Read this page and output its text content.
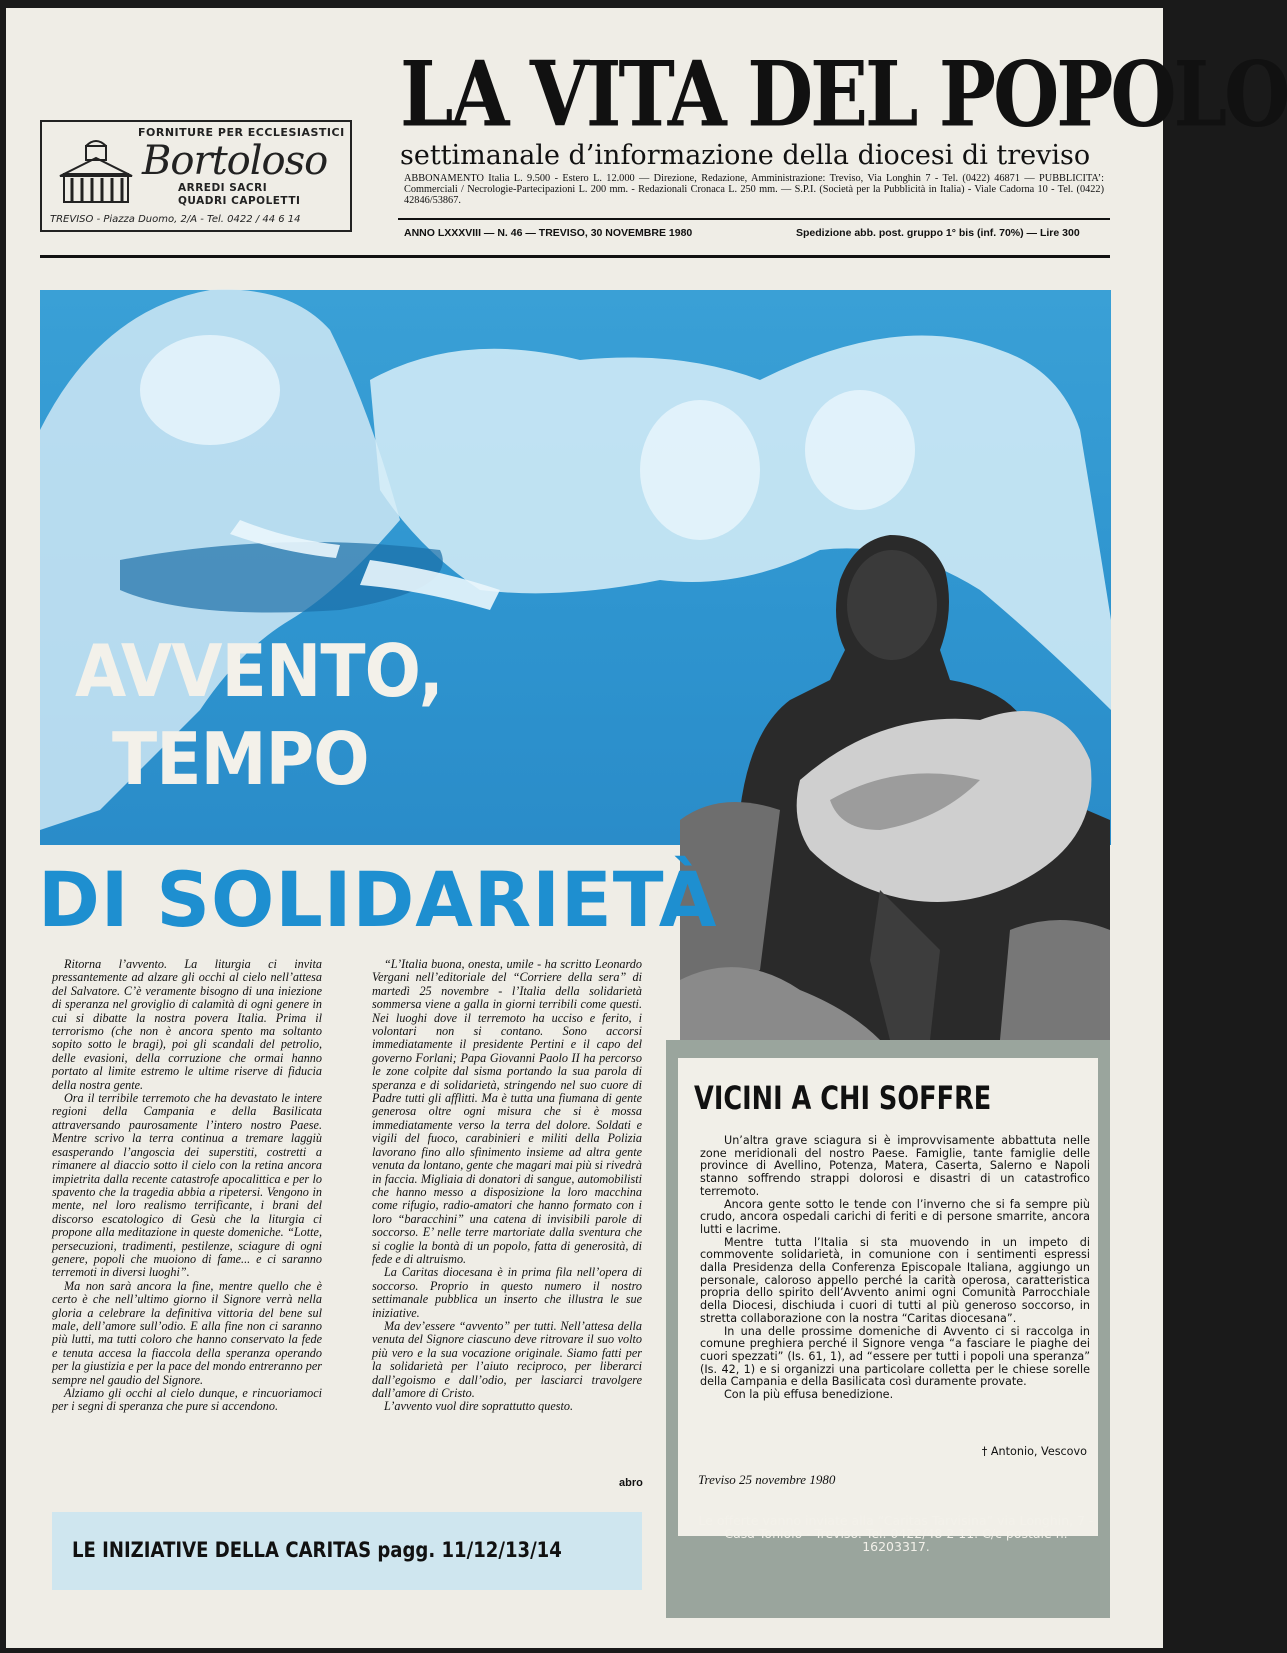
FORNITURE PER ECCLESIASTICI
Bortoloso
ARREDI SACRI
QUADRI CAPOLETTI
TREVISO - Piazza Duomo, 2/A - Tel. 0422 / 44 6 14
LA VITA DEL POPOLO
settimanale d’informazione della diocesi di treviso
ABBONAMENTO Italia L. 9.500 - Estero L. 12.000 — Direzione, Redazione, Amministrazione: Treviso, Via Longhin 7 - Tel. (0422) 46871 — PUBBLICITA’: Commerciali / Necrologie-Partecipazioni L. 200 mm. - Redazionali Cronaca L. 250 mm. — S.P.I. (Società per la Pubblicità in Italia) - Viale Cadorna 10 - Tel. (0422) 42846/53867.
ANNO LXXXVIII — N. 46 — TREVISO, 30 NOVEMBRE 1980	Spedizione abb. post. gruppo 1° bis (inf. 70%) — Lire 300
AVVENTO,
TEMPO
DI SOLIDARIETÀ

Ritorna l’avvento. La liturgia ci invita pressantemente ad alzare gli occhi al cielo nell’attesa del Salvatore. C’è veramente bisogno di una iniezione di speranza nel groviglio di calamità di ogni genere in cui si dibatte la nostra povera Italia. Prima il terrorismo (che non è ancora spento ma soltanto sopito sotto le bragi), poi gli scandali del petrolio, delle evasioni, della corruzione che ormai hanno portato al limite estremo le ultime riserve di fiducia della nostra gente.

Ora il terribile terremoto che ha devastato le intere regioni della Campania e della Basilicata attraversando paurosamente l’intero nostro Paese. Mentre scrivo la terra continua a tremare laggiù esasperando l’angoscia dei superstiti, costretti a rimanere al diaccio sotto il cielo con la retina ancora impietrita dalla recente catastrofe apocalittica e per lo spavento che la tragedia abbia a ripetersi. Vengono in mente, nel loro realismo terrificante, i brani del discorso escatologico di Gesù che la liturgia ci propone alla meditazione in queste domeniche. “Lotte, persecuzioni, tradimenti, pestilenze, sciagure di ogni genere, popoli che muoiono di fame... e ci saranno terremoti in diversi luoghi”.

Ma non sarà ancora la fine, mentre quello che è certo è che nell’ultimo giorno il Signore verrà nella gloria a celebrare la definitiva vittoria del bene sul male, dell’amore sull’odio. E alla fine non ci saranno più lutti, ma tutti coloro che hanno conservato la fede e tenuta accesa la fiaccola della speranza operando per la giustizia e per la pace del mondo entreranno per sempre nel gaudio del Signore.

Alziamo gli occhi al cielo dunque, e rincuoriamoci per i segni di speranza che pure si accendono.

“L’Italia buona, onesta, umile - ha scritto Leonardo Vergani nell’editoriale del “Corriere della sera” di martedì 25 novembre - l’Italia della solidarietà sommersa viene a galla in giorni terribili come questi. Nei luoghi dove il terremoto ha ucciso e ferito, i volontari non si contano. Sono accorsi immediatamente il presidente Pertini e il capo del governo Forlani; Papa Giovanni Paolo II ha percorso le zone colpite dal sisma portando la sua parola di speranza e di solidarietà, stringendo nel suo cuore di Padre tutti gli afflitti. Ma è tutta una fiumana di gente generosa oltre ogni misura che si è mossa immediatamente verso la terra del dolore. Soldati e vigili del fuoco, carabinieri e militi della Polizia lavorano fino allo sfinimento insieme ad altra gente venuta da lontano, gente che magari mai più si rivedrà in faccia. Migliaia di donatori di sangue, automobilisti che hanno messo a disposizione la loro macchina come rifugio, radio-amatori che hanno formato con i loro “baracchini” una catena di invisibili parole di soccorso. E’ nelle terre martoriate dalla sventura che si coglie la bontà di un popolo, fatta di generosità, di fede e di altruismo.

La Caritas diocesana è in prima fila nell’opera di soccorso. Proprio in questo numero il nostro settimanale pubblica un inserto che illustra le sue iniziative.

Ma dev’essere “avvento” per tutti. Nell’attesa della venuta del Signore ciascuno deve ritrovare il suo volto più vero e la sua vocazione originale. Siamo fatti per la solidarietà per l’aiuto reciproco, per liberarci dall’egoismo e dall’odio, per lasciarci travolgere dall’amore di Cristo.

L’avvento vuol dire soprattutto questo.

abro
VICINI A CHI SOFFRE

Un’altra grave sciagura si è improvvisamente abbattuta nelle zone meridionali del nostro Paese. Famiglie, tante famiglie delle province di Avellino, Potenza, Matera, Caserta, Salerno e Napoli stanno soffrendo strappi dolorosi e disastri di un catastrofico terremoto.

Ancora gente sotto le tende con l’inverno che si fa sempre più crudo, ancora ospedali carichi di feriti e di persone smarrite, ancora lutti e lacrime.

Mentre tutta l’Italia si sta muovendo in un impeto di commovente solidarietà, in comunione con i sentimenti espressi dalla Presidenza della Conferenza Episcopale Italiana, aggiungo un personale, caloroso appello perché la carità operosa, caratteristica propria dello spirito dell’Avvento animi ogni Comunità Parrocchiale della Diocesi, dischiuda i cuori di tutti al più generoso soccorso, in stretta collaborazione con la nostra “Caritas diocesana”.

In una delle prossime domeniche di Avvento ci si raccolga in comune preghiera perché il Signore venga “a fasciare le piaghe dei cuori spezzati” (Is. 61, 1), ad “essere per tutti i popoli una speranza” (Is. 42, 1) e si organizzi una particolare colletta per le chiese sorelle della Campania e della Basilicata così duramente provate.

Con la più effusa benedizione.

† Antonio, Vescovo
Treviso 25 novembre 1980
Le offerte vanno inviate alla “Caritas Tarvisina” via Longhin, 7 - Casa Toniolo - Treviso. Tel. 0422/48 2 11. C/c postale n. 16203317.
LE INIZIATIVE DELLA CARITAS pagg. 11/12/13/14
